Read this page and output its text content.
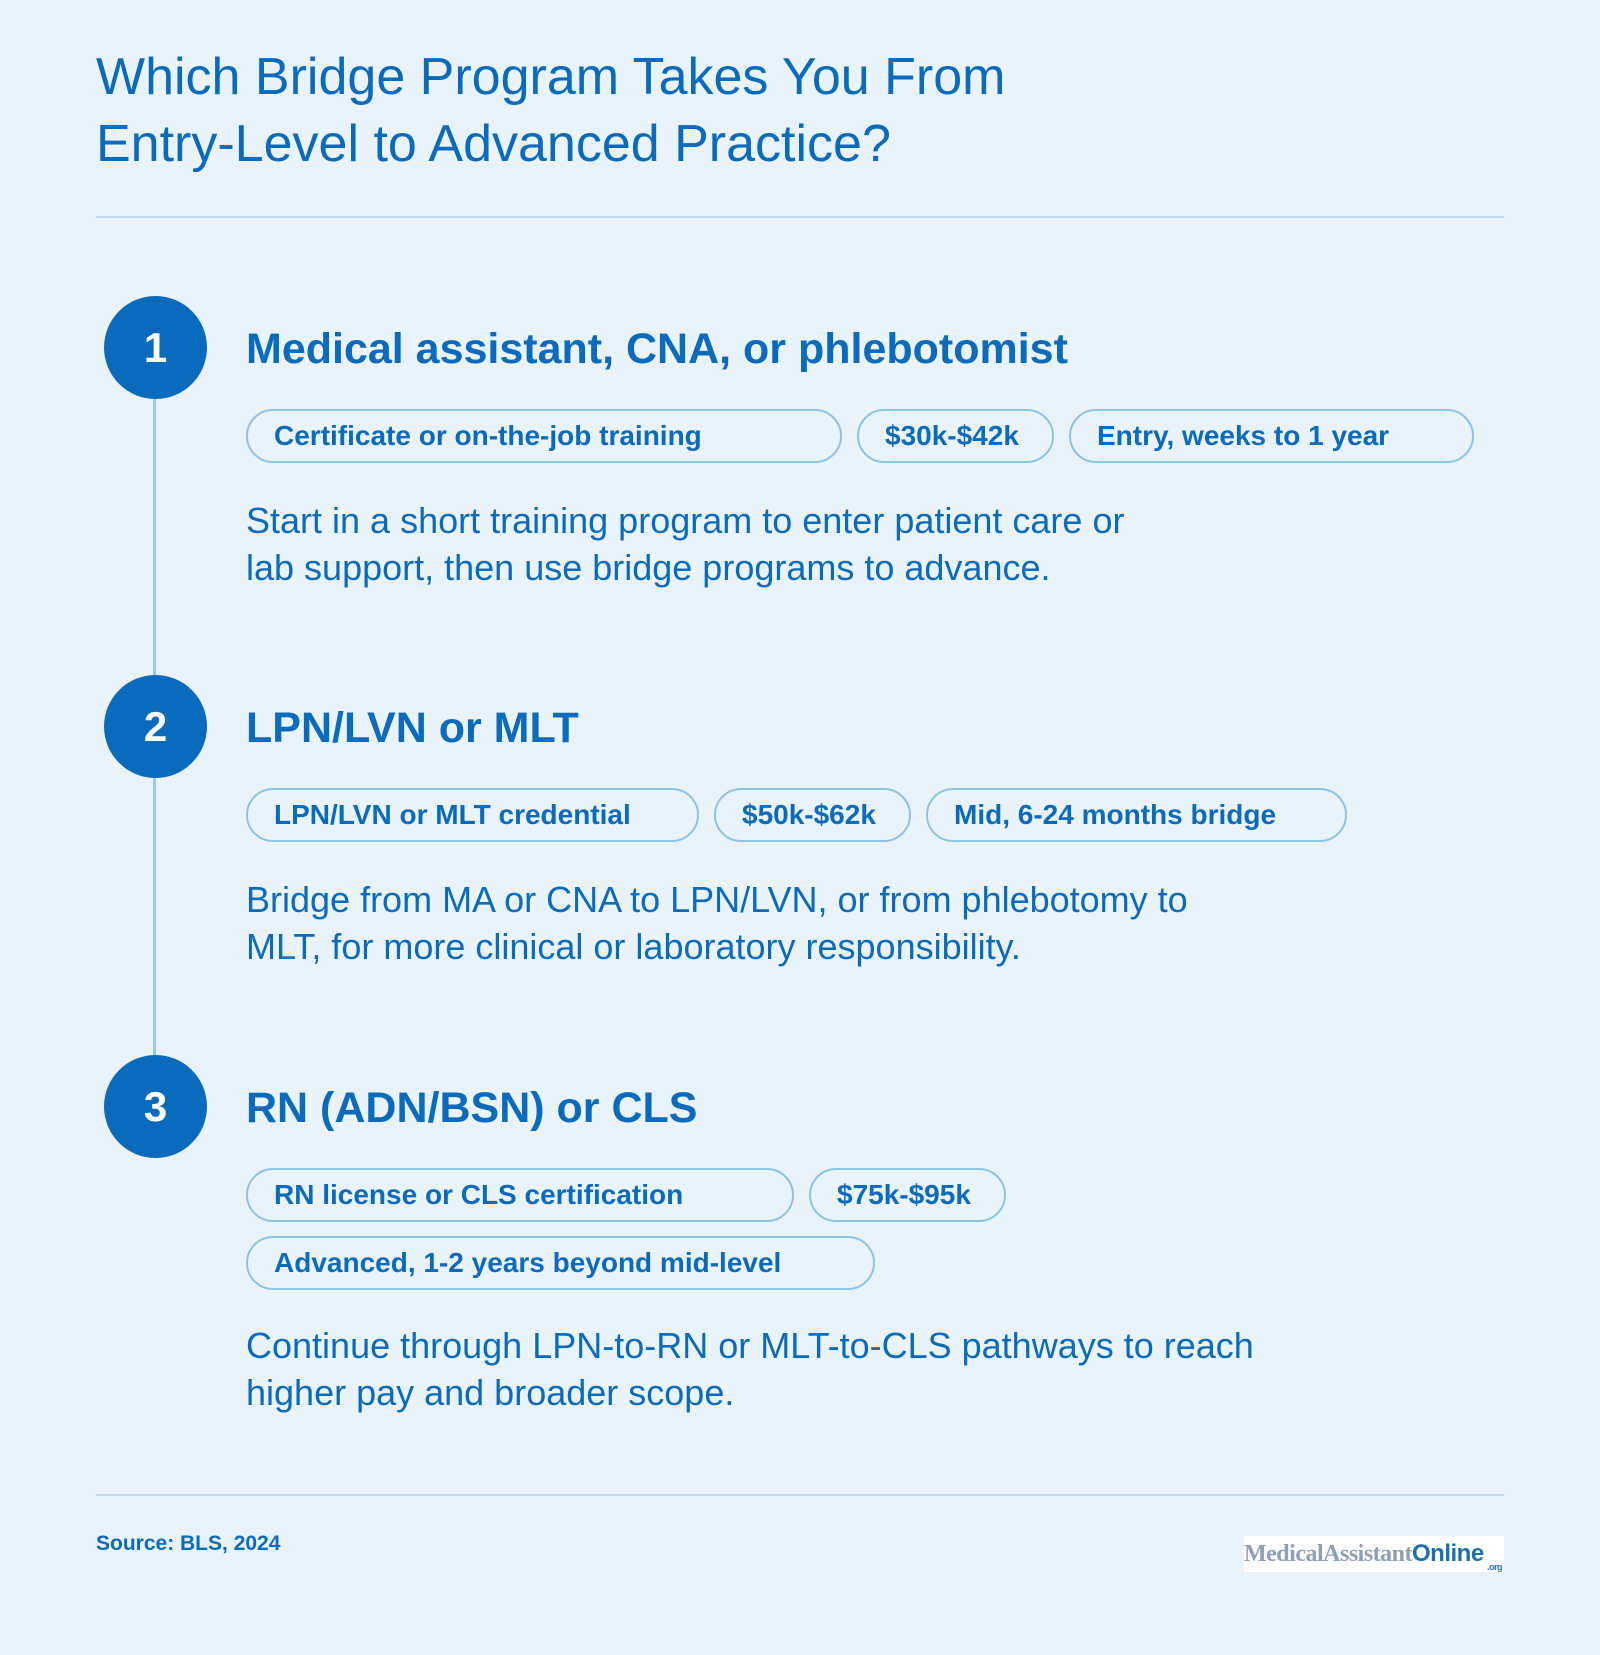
Which Bridge Program Takes You From
Entry-Level to Advanced Practice?
1	Medical assistant, CNA, or phlebotomist
Certificate or on-the-job training	$30k-$42k	Entry, weeks to 1 year

Start in a short training program to enter patient care or
lab support, then use bridge programs to advance.

2	LPN/LVN or MLT
LPN/LVN or MLT credential	$50k-$62k	Mid, 6-24 months bridge

Bridge from MA or CNA to LPN/LVN, or from phlebotomy to
MLT, for more clinical or laboratory responsibility.

3	RN (ADN/BSN) or CLS
RN license or CLS certification	$75k-$95k
Advanced, 1-2 years beyond mid-level

Continue through LPN-to-RN or MLT-to-CLS pathways to reach
higher pay and broader scope.

Source: BLS, 2024	MedicalAssistant Online .org
